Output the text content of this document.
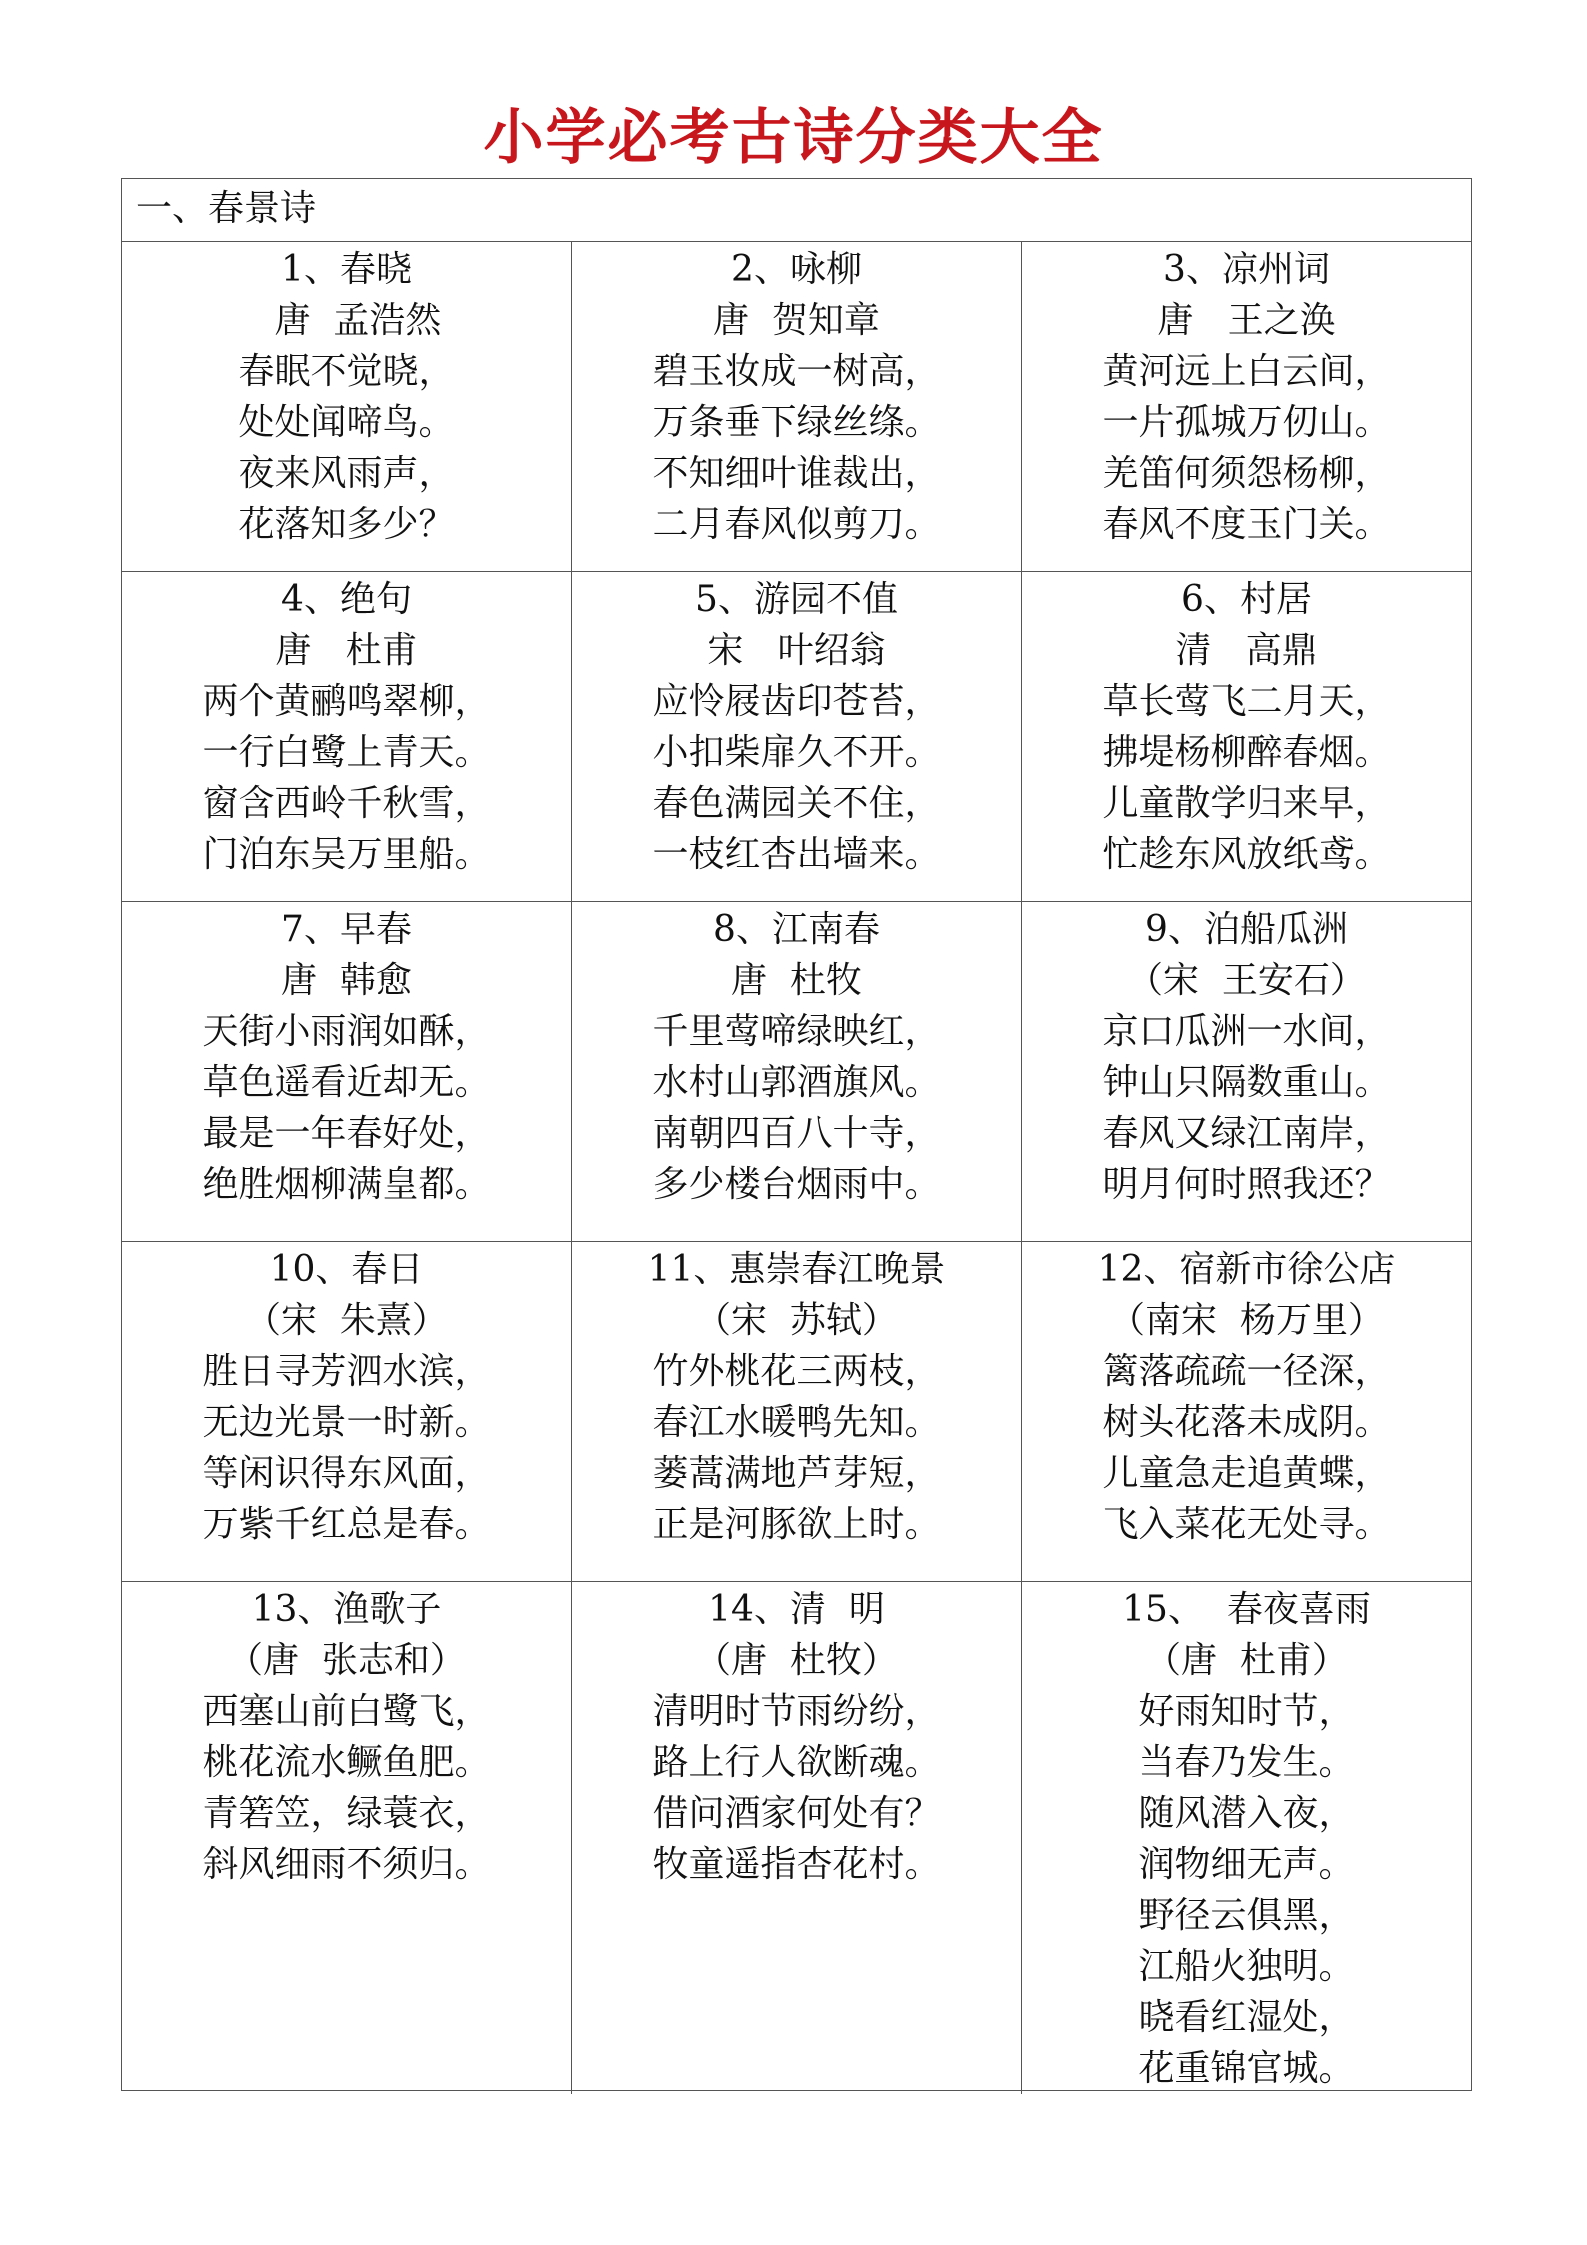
小学必考古诗分类大全
一、春景诗
1、春晓
唐  孟浩然
春眠不觉晓，
处处闻啼鸟。
夜来风雨声，
花落知多少？
2、咏柳
唐  贺知章
碧玉妆成一树高，
万条垂下绿丝绦。
不知细叶谁裁出，
二月春风似剪刀。
3、凉州词
唐   王之涣
黄河远上白云间，
一片孤城万仞山。
羌笛何须怨杨柳，
春风不度玉门关。
4、绝句
唐   杜甫
两个黄鹂鸣翠柳，
一行白鹭上青天。
窗含西岭千秋雪，
门泊东吴万里船。
5、游园不值
宋   叶绍翁
应怜屐齿印苍苔，
小扣柴扉久不开。
春色满园关不住，
一枝红杏出墙来。
6、村居
清   高鼎
草长莺飞二月天，
拂堤杨柳醉春烟。
儿童散学归来早，
忙趁东风放纸鸢。
7、早春
唐  韩愈
天街小雨润如酥，
草色遥看近却无。
最是一年春好处，
绝胜烟柳满皇都。
8、江南春
唐  杜牧
千里莺啼绿映红，
水村山郭酒旗风。
南朝四百八十寺，
多少楼台烟雨中。
9、泊船瓜洲
（宋  王安石）
京口瓜洲一水间，
钟山只隔数重山。
春风又绿江南岸，
明月何时照我还？
10、春日
（宋  朱熹）
胜日寻芳泗水滨，
无边光景一时新。
等闲识得东风面，
万紫千红总是春。
11、惠崇春江晚景
（宋  苏轼）
竹外桃花三两枝，
春江水暖鸭先知。
蒌蒿满地芦芽短，
正是河豚欲上时。
12、宿新市徐公店
（南宋  杨万里）
篱落疏疏一径深，
树头花落未成阴。
儿童急走追黄蝶，
飞入菜花无处寻。
13、渔歌子
（唐  张志和）
西塞山前白鹭飞，
桃花流水鳜鱼肥。
青箬笠，绿蓑衣，
斜风细雨不须归。
14、清  明
（唐  杜牧）
清明时节雨纷纷，
路上行人欲断魂。
借问酒家何处有？
牧童遥指杏花村。
15、  春夜喜雨
（唐  杜甫）
好雨知时节，
当春乃发生。
随风潜入夜，
润物细无声。
野径云俱黑，
江船火独明。
晓看红湿处，
花重锦官城。
